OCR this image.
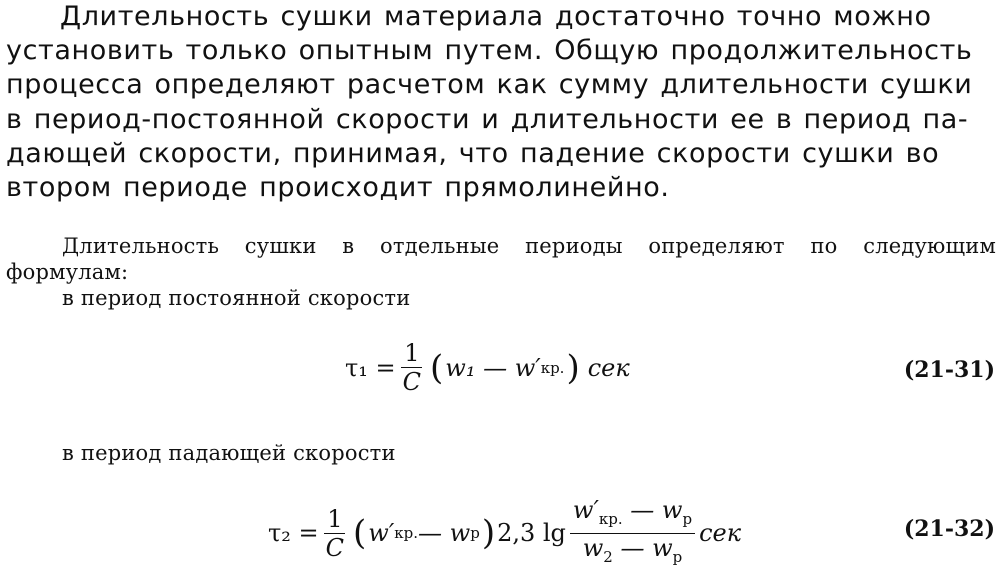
Длительность сушки материала достаточно точно можно
установить только опытным путем. Общую продолжительность
процесса определяют расчетом как сумму длительности сушки
в период-постоянной скорости и длительности ее в период па-
дающей скорости, принимая, что падение скорости сушки во
втором периоде происходит прямолинейно.
Длительность сушки в отдельные периоды определяют по следующим
формулам:
в период постоянной скорости
$\tau_1 = \frac{1}{C}$ ( w₁ — w′ кр. ) сек	(21-31)
в период падающей скорости
$\tau_2 = \frac{1}{C}$ ( w′ кр. — w p ) 2,3 $\lg \frac{w'_{кр.} — w_p}{w_2 — w_p}$ сек	(21-32)
